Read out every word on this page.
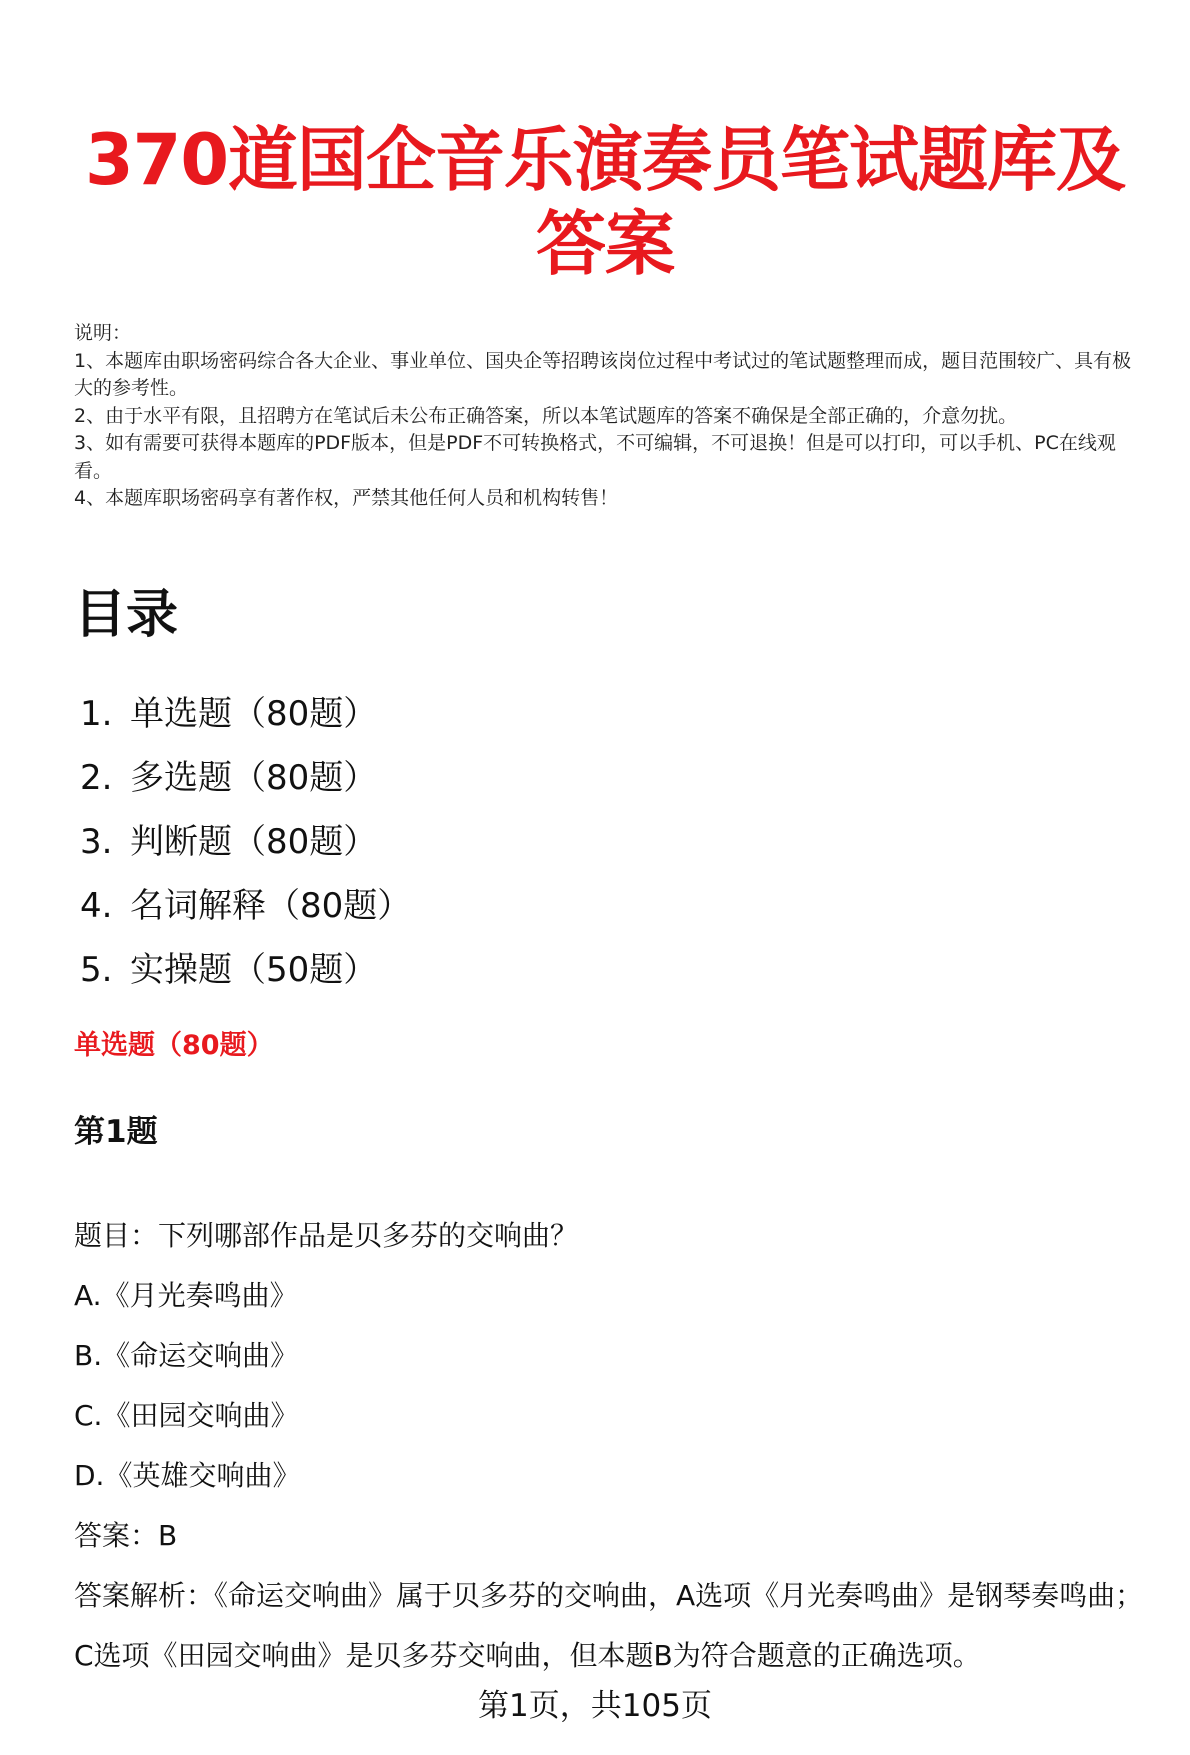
370道国企音乐演奏员笔试题库及答案
说明：
1、本题库由职场密码综合各大企业、事业单位、国央企等招聘该岗位过程中考试过的笔试题整理而成，题目范围较广、具有极大的参考性。
2、由于水平有限，且招聘方在笔试后未公布正确答案，所以本笔试题库的答案不确保是全部正确的，介意勿扰。
3、如有需要可获得本题库的PDF版本，但是PDF不可转换格式，不可编辑，不可退换！但是可以打印，可以手机、PC在线观看。
4、本题库职场密码享有著作权，严禁其他任何人员和机构转售！
目录
1. 单选题（80题）
2. 多选题（80题）
3. 判断题（80题）
4. 名词解释（80题）
5. 实操题（50题）
单选题（80题）
第1题
题目：下列哪部作品是贝多芬的交响曲？
A.《月光奏鸣曲》
B.《命运交响曲》
C.《田园交响曲》
D.《英雄交响曲》
答案：B
答案解析：《命运交响曲》属于贝多芬的交响曲，A选项《月光奏鸣曲》是钢琴奏鸣曲；C选项《田园交响曲》是贝多芬交响曲，但本题B为符合题意的正确选项。
第1页，共105页
